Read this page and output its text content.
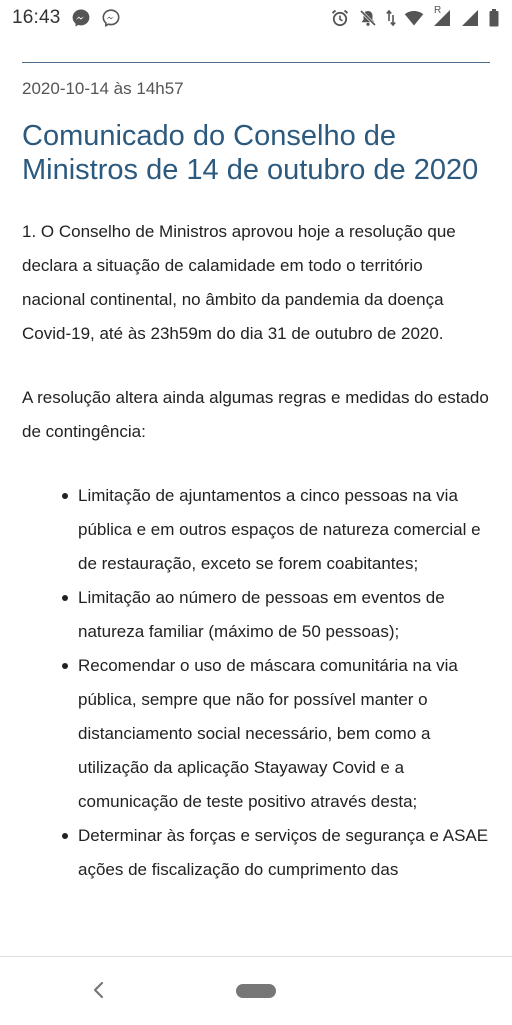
16:43	R
2020-10-14 às 14h57
Comunicado do Conselho de Ministros de 14 de outubro de 2020

1. O Conselho de Ministros aprovou hoje a resolução que declara a situação de calamidade em todo o território nacional continental, no âmbito da pandemia da doença Covid-19, até às 23h59m do dia 31 de outubro de 2020.

A resolução altera ainda algumas regras e medidas do estado de contingência:

Limitação de ajuntamentos a cinco pessoas na via pública e em outros espaços de natureza comercial e de restauração, exceto se forem coabitantes;
Limitação ao número de pessoas em eventos de natureza familiar (máximo de 50 pessoas);
Recomendar o uso de máscara comunitária na via pública, sempre que não for possível manter o distanciamento social necessário, bem como a utilização da aplicação Stayaway Covid e a comunicação de teste positivo através desta;
Determinar às forças e serviços de segurança e ASAE ações de fiscalização do cumprimento das
